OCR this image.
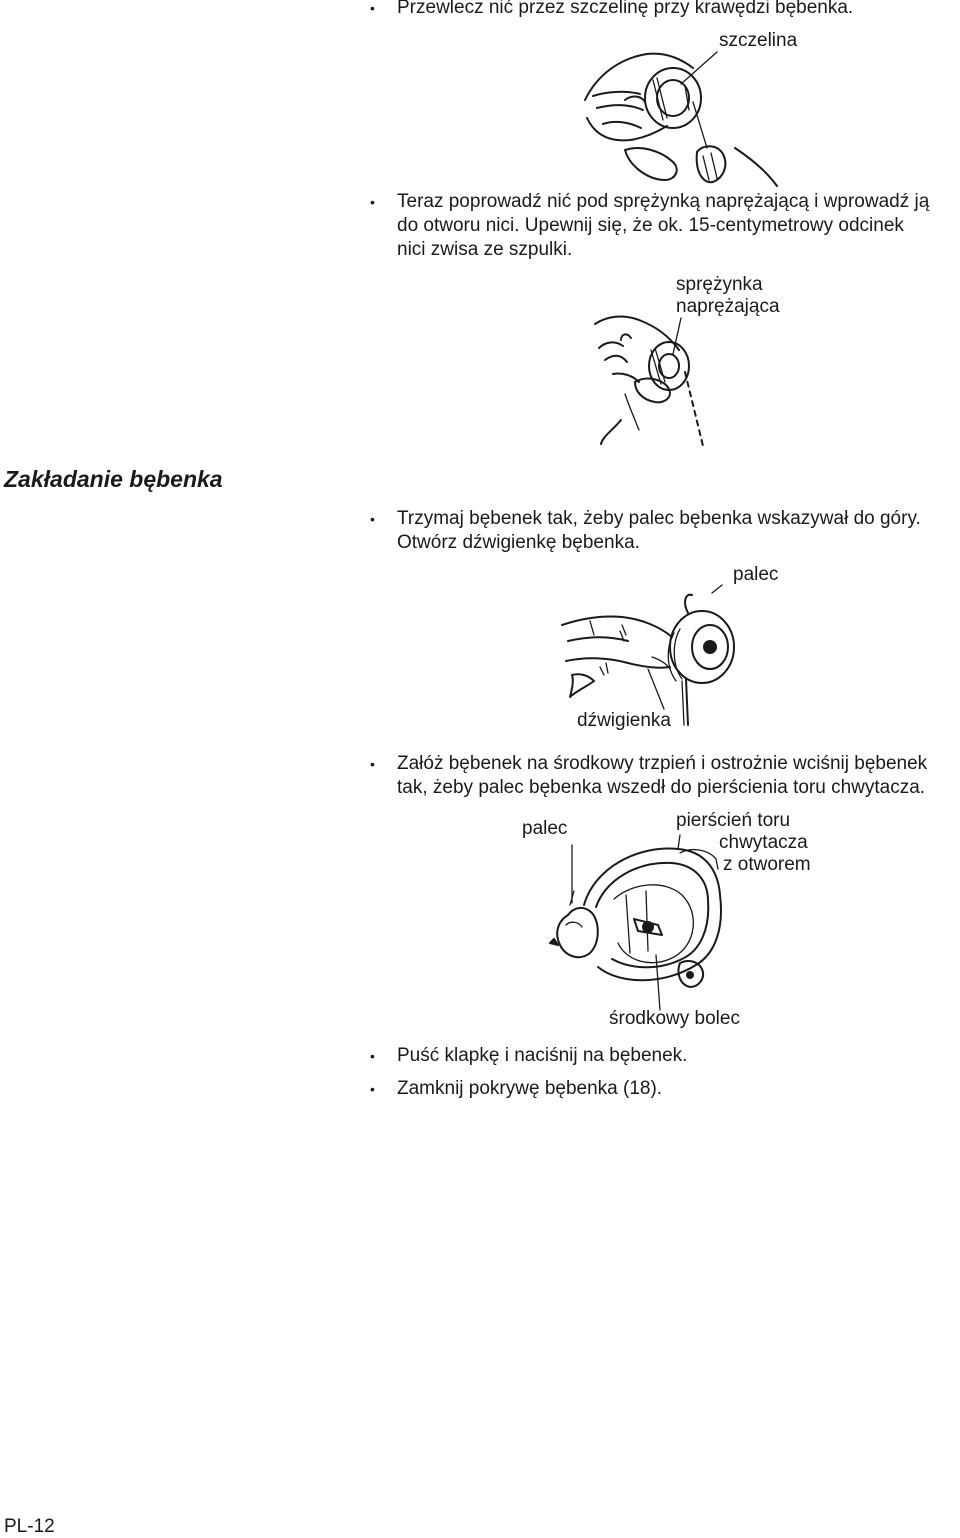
• Przewlecz nić przez szczelinę przy krawędzi bębenka.

szczelina
• Teraz poprowadź nić pod sprężynką naprężającą i wprowadź ją

do otworu nici. Upewnij się, że ok. 15-centymetrowy odcinek

nici zwisa ze szpulki.

sprężynka
naprężająca
Zakładanie bębenka
• Trzymaj bębenek tak, żeby palec bębenka wskazywał do góry.

Otwórz dźwigienkę bębenka.

palec
dźwigienka
• Załóż bębenek na środkowy trzpień i ostrożnie wciśnij bębenek

tak, żeby palec bębenka wszedł do pierścienia toru chwytacza.

palec	pierścień toru
chwytacza
z otworem
środkowy bolec
• Puść klapkę i naciśnij na bębenek.

• Zamknij pokrywę bębenka (18).

PL-12
